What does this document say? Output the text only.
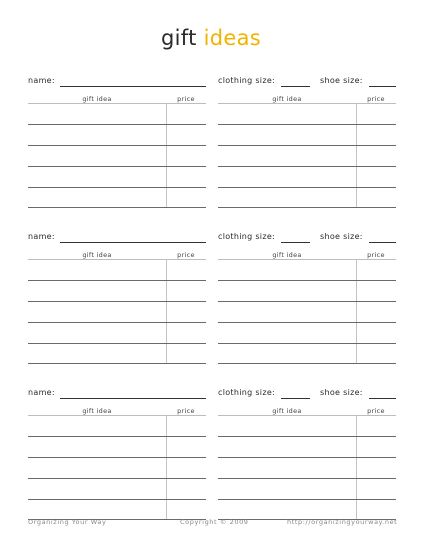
gift ideas
name:
gift idea	price
clothing size:	shoe size:
gift idea	price
name:
gift idea	price
clothing size:	shoe size:
gift idea	price
name:
gift idea	price
clothing size:	shoe size:
gift idea	price
Organizing Your Way	Copyright © 2009	http://organizingyourway.net
